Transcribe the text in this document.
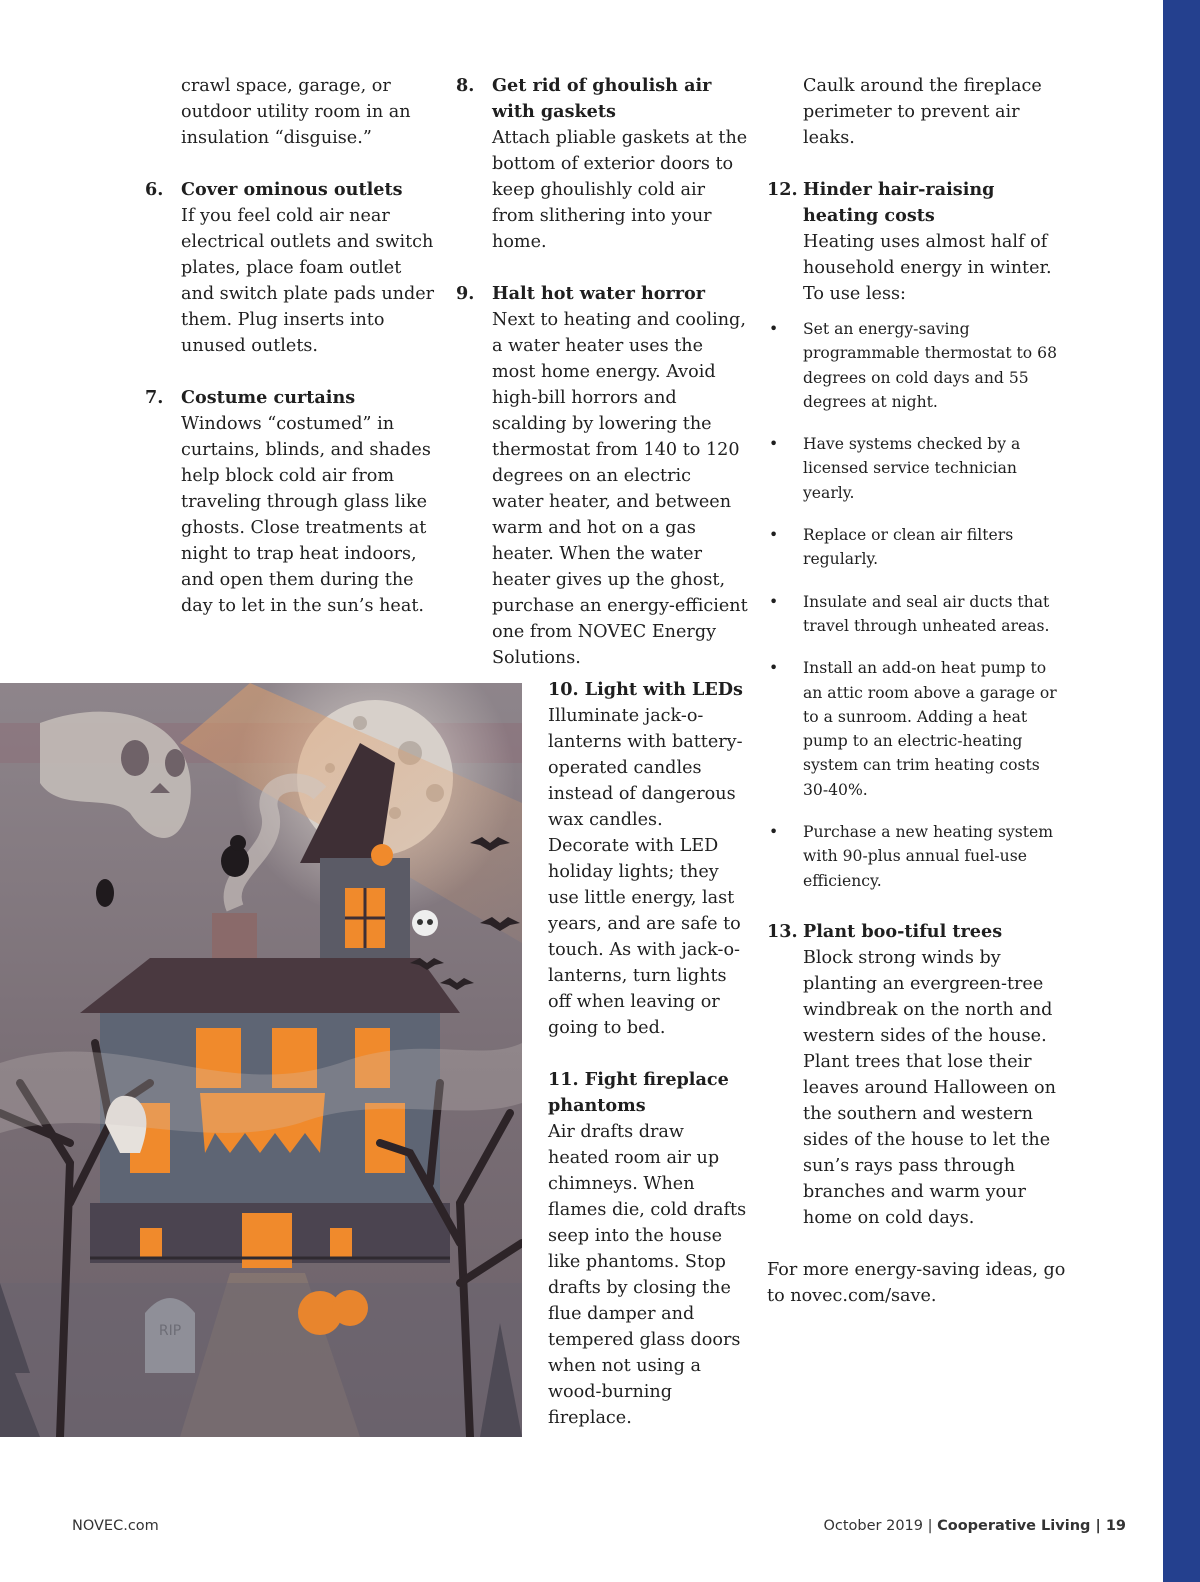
crawl space, garage, or outdoor utility room in an insulation “disguise.”

6. Cover ominous outlets

If you feel cold air near electrical outlets and switch plates, place foam outlet and switch plate pads under them. Plug inserts into unused outlets.

7. Costume curtains

Windows “costumed” in curtains, blinds, and shades help block cold air from traveling through glass like ghosts. Close treatments at night to trap heat indoors, and open them during the day to let in the sun’s heat.

8. Get rid of ghoulish air with gaskets

Attach pliable gaskets at the bottom of exterior doors to keep ghoulishly cold air from slithering into your home.

9. Halt hot water horror

Next to heating and cooling, a water heater uses the most home energy. Avoid high-bill horrors and scalding by lowering the thermostat from 140 to 120 degrees on an electric water heater, and between warm and hot on a gas heater. When the water heater gives up the ghost, purchase an energy-efficient one from NOVEC Energy Solutions.

10. Light with LEDs

Illuminate jack-o-lanterns with battery-operated candles instead of dangerous wax candles. Decorate with LED holiday lights; they use little energy, last years, and are safe to touch. As with jack-o-lanterns, turn lights off when leaving or going to bed.

11. Fight fireplace phantoms

Air drafts draw heated room air up chimneys. When flames die, cold drafts seep into the house like phantoms. Stop drafts by closing the flue damper and tempered glass doors when not using a wood-burning fireplace.

Caulk around the fireplace perimeter to prevent air leaks.

12. Hinder hair-raising heating costs

Heating uses almost half of household energy in winter. To use less:

• Set an energy-saving programmable thermostat to 68 degrees on cold days and 55 degrees at night.
• Have systems checked by a licensed service technician yearly.
• Replace or clean air filters regularly.
• Insulate and seal air ducts that travel through unheated areas.
• Install an add-on heat pump to an attic room above a garage or to a sunroom. Adding a heat pump to an electric-heating system can trim heating costs 30-40%.
• Purchase a new heating system with 90-plus annual fuel-use efficiency.
13. Plant boo-tiful trees

Block strong winds by planting an evergreen-tree windbreak on the north and western sides of the house. Plant trees that lose their leaves around Halloween on the southern and western sides of the house to let the sun’s rays pass through branches and warm your home on cold days.

For more energy-saving ideas, go to novec.com/save.

RIP
NOVEC.com	October 2019 | Cooperative Living | 19
